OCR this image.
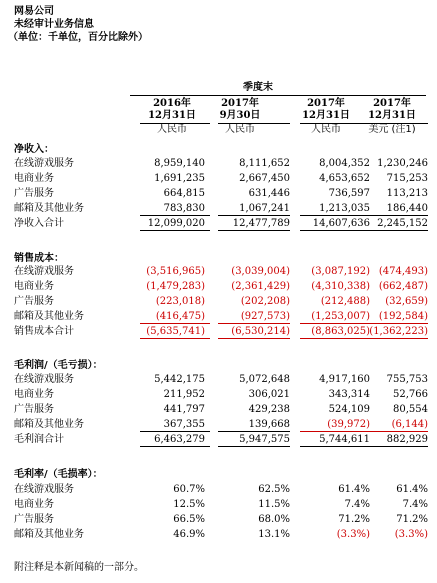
网易公司
未经审计业务信息
（单位：千单位，百分比除外）
季度末
2016年
12月31日
人民币
2017年
9月30日
人民币
2017年
12月31日
人民币
2017年
12月31日
美元 (注1)
净收入：
在线游戏服务	8,959,140	8,111,652	8,004,352 1,230,246
电商业务	1,691,235	2,667,450	4,653,652	715,253
广告服务	664,815	631,446	736,597	113,213
邮箱及其他业务	783,830	1,067,241	1,213,035	186,440
净收入合计	12,099,020	12,477,789	14,607,636 2,245,152
销售成本：
在线游戏服务	(3,516,965)	(3,039,004)	(3,087,192) (474,493)
电商业务	(1,479,283)	(2,361,429)	(4,310,338) (662,487)
广告服务	(223,018)	(202,208)	(212,488)	(32,659)
邮箱及其他业务	(416,475)	(927,573)	(1,253,007) (192,584)
销售成本合计	(5,635,741)	(6,530,214)	(8,863,025) (1,362,223)
毛利润/（毛亏损）：
在线游戏服务	5,442,175	5,072,648	4,917,160	755,753
电商业务	211,952	306,021	343,314	52,766
广告服务	441,797	429,238	524,109	80,554
邮箱及其他业务	367,355	139,668	(39,972)	(6,144)
毛利润合计	6,463,279	5,947,575	5,744,611	882,929
毛利率/（毛损率）：
在线游戏服务	60.7%	62.5%	61.4%	61.4%
电商业务	12.5%	11.5%	7.4%	7.4%
广告服务	66.5%	68.0%	71.2%	71.2%
邮箱及其他业务	46.9%	13.1%	(3.3%)	(3.3%)
附注释是本新闻稿的一部分。
